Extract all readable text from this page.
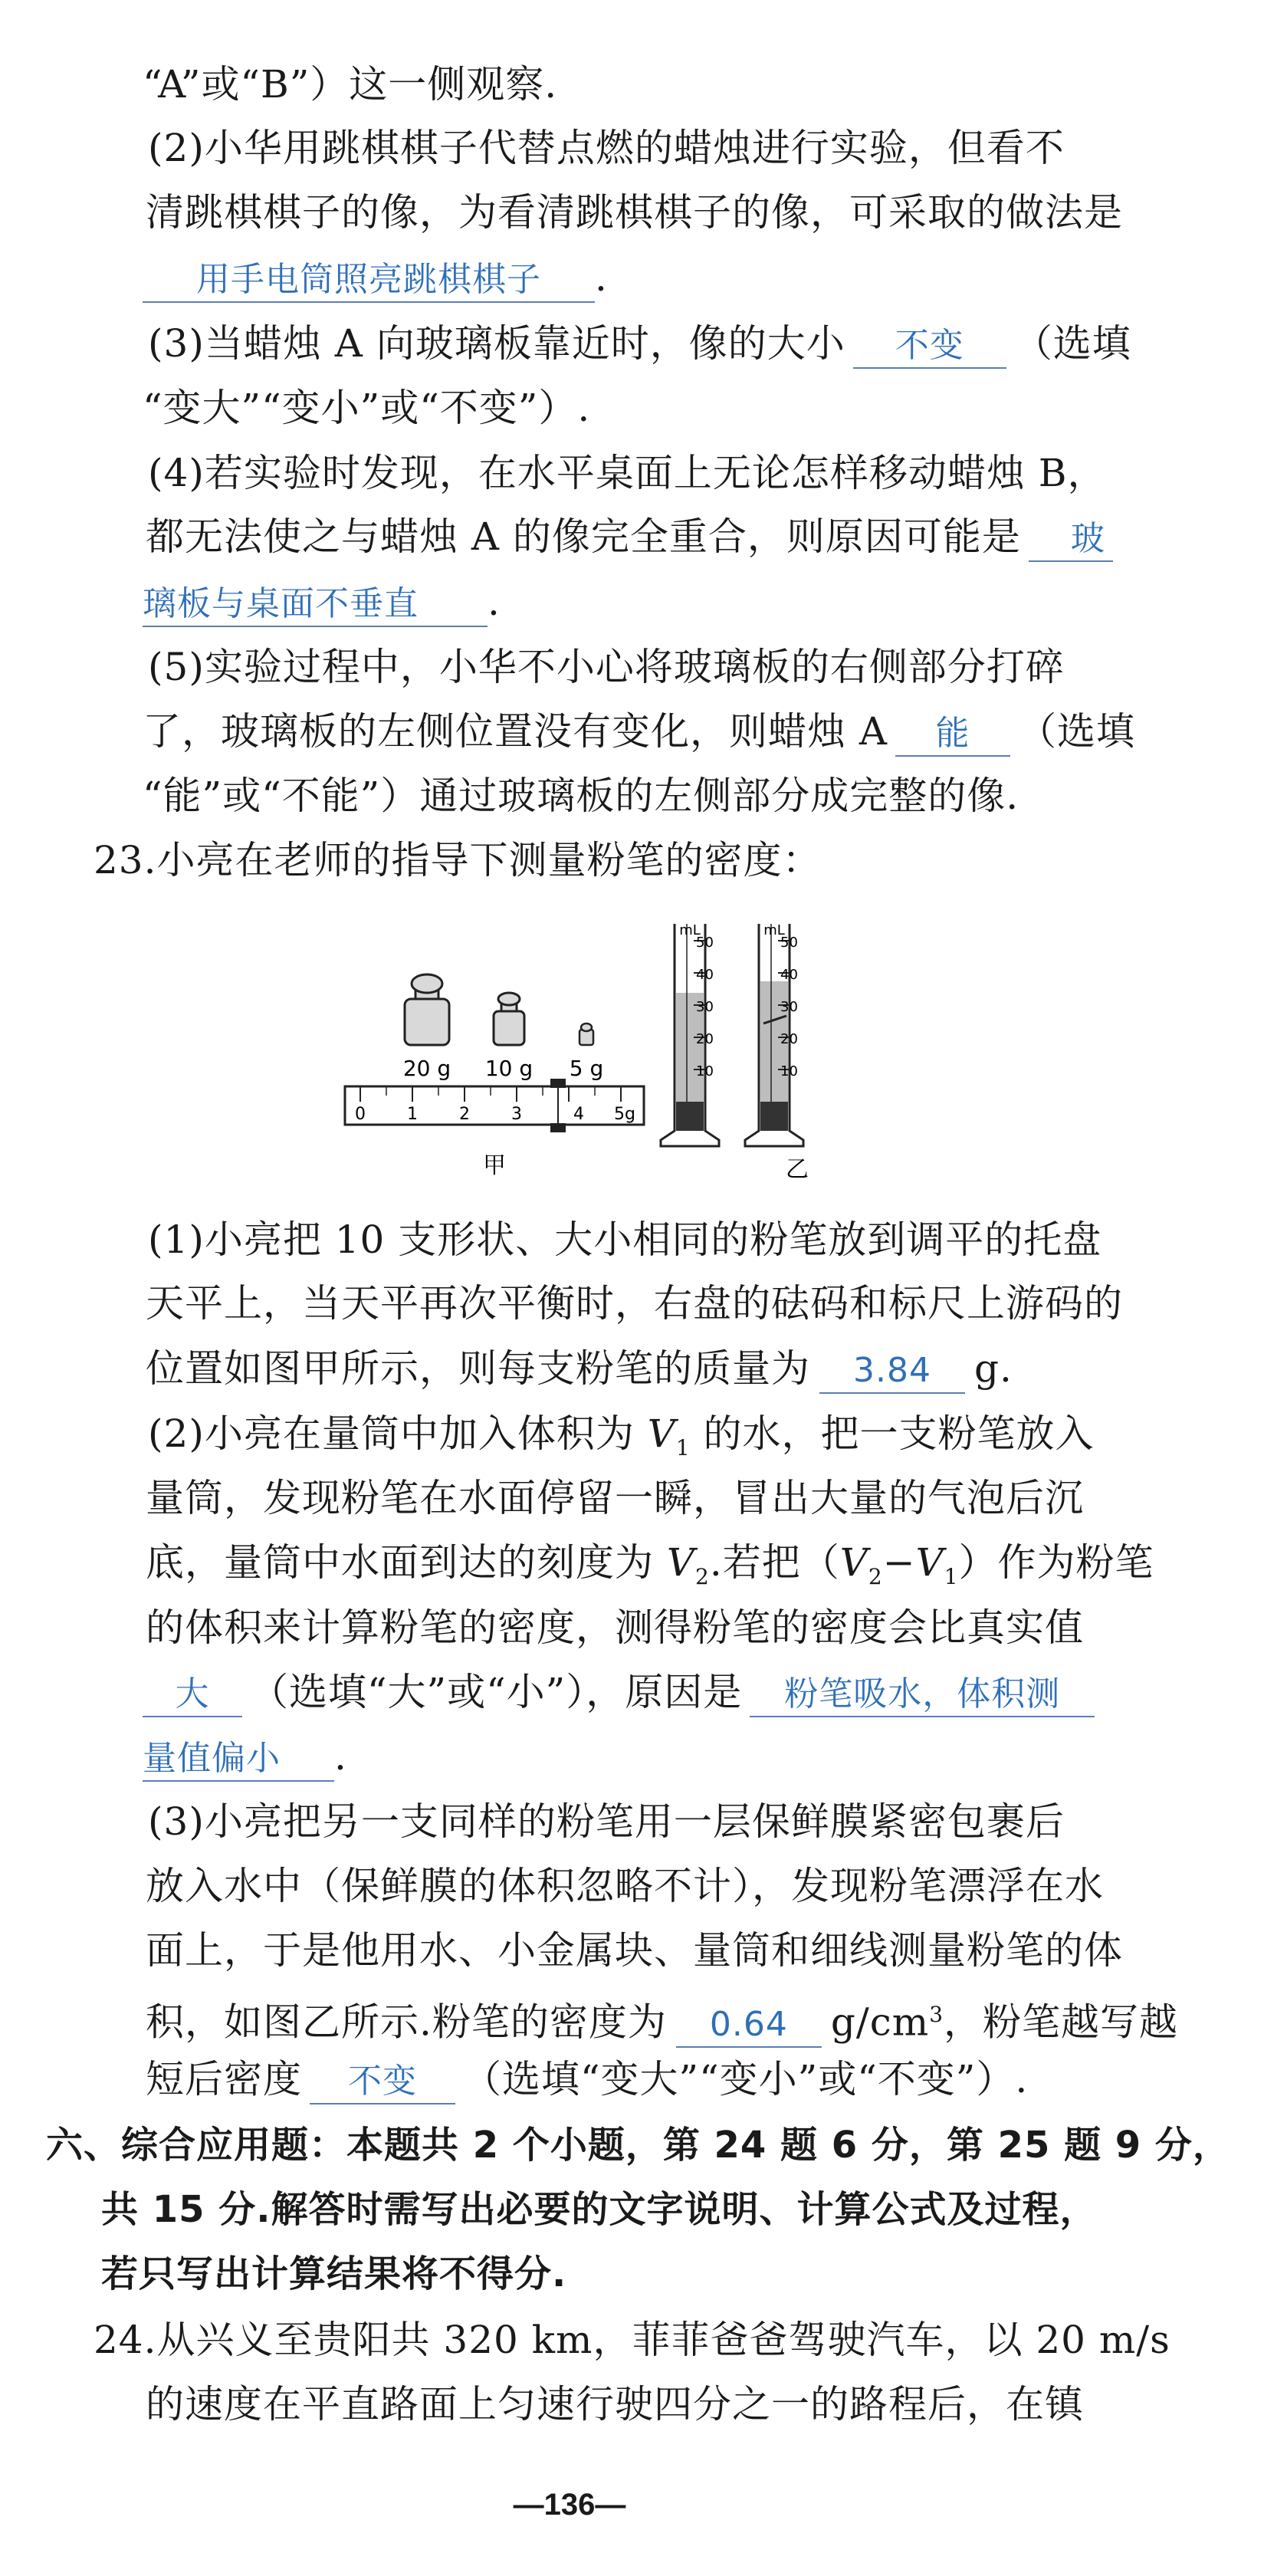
“A”或“B”）这一侧观察.
(2)小华用跳棋棋子代替点燃的蜡烛进行实验，但看不
清跳棋棋子的像，为看清跳棋棋子的像，可采取的做法是
用手电筒照亮跳棋棋子 .
(3)当蜡烛 A 向玻璃板靠近时，像的大小 不变 （选填
“变大”“变小”或“不变”）.
(4)若实验时发现，在水平桌面上无论怎样移动蜡烛 B，
都无法使之与蜡烛 A 的像完全重合，则原因可能是 玻
璃板与桌面不垂直 .
(5)实验过程中，小华不小心将玻璃板的右侧部分打碎
了，玻璃板的左侧位置没有变化，则蜡烛 A 能 （选填
“能”或“不能”）通过玻璃板的左侧部分成完整的像.
23.小亮在老师的指导下测量粉笔的密度：
20 g 10 g 5 g
0 1 2 3	4 5g
甲
mL
50
40
30
20
10
mL
50
40
30
20
10
乙
(1)小亮把 10 支形状、大小相同的粉笔放到调平的托盘
天平上，当天平再次平衡时，右盘的砝码和标尺上游码的
位置如图甲所示，则每支粉笔的质量为 3.84 g.
(2)小亮在量筒中加入体积为 $V_1$ 的水，把一支粉笔放入
量筒，发现粉笔在水面停留一瞬，冒出大量的气泡后沉
底，量筒中水面到达的刻度为 $V_2$.若把$(V_2-V_1)$作为粉笔
的体积来计算粉笔的密度，测得粉笔的密度会比真实值
大 （选填“大”或“小”），原因是 粉笔吸水，体积测
量值偏小 .
(3)小亮把另一支同样的粉笔用一层保鲜膜紧密包裹后
放入水中（保鲜膜的体积忽略不计），发现粉笔漂浮在水
面上，于是他用水、小金属块、量筒和细线测量粉笔的体
积，如图乙所示.粉笔的密度为 0.64 $g/cm^3$，粉笔越写越
短后密度 不变 （选填“变大”“变小”或“不变”）.
六、综合应用题：本题共 2 个小题，第 24 题 6 分，第 25 题 9 分，
共 15 分.解答时需写出必要的文字说明、计算公式及过程，
若只写出计算结果将不得分.
24.从兴义至贵阳共 320 km，菲菲爸爸驾驶汽车，以 20 m/s
的速度在平直路面上匀速行驶四分之一的路程后，在镇
—136—
